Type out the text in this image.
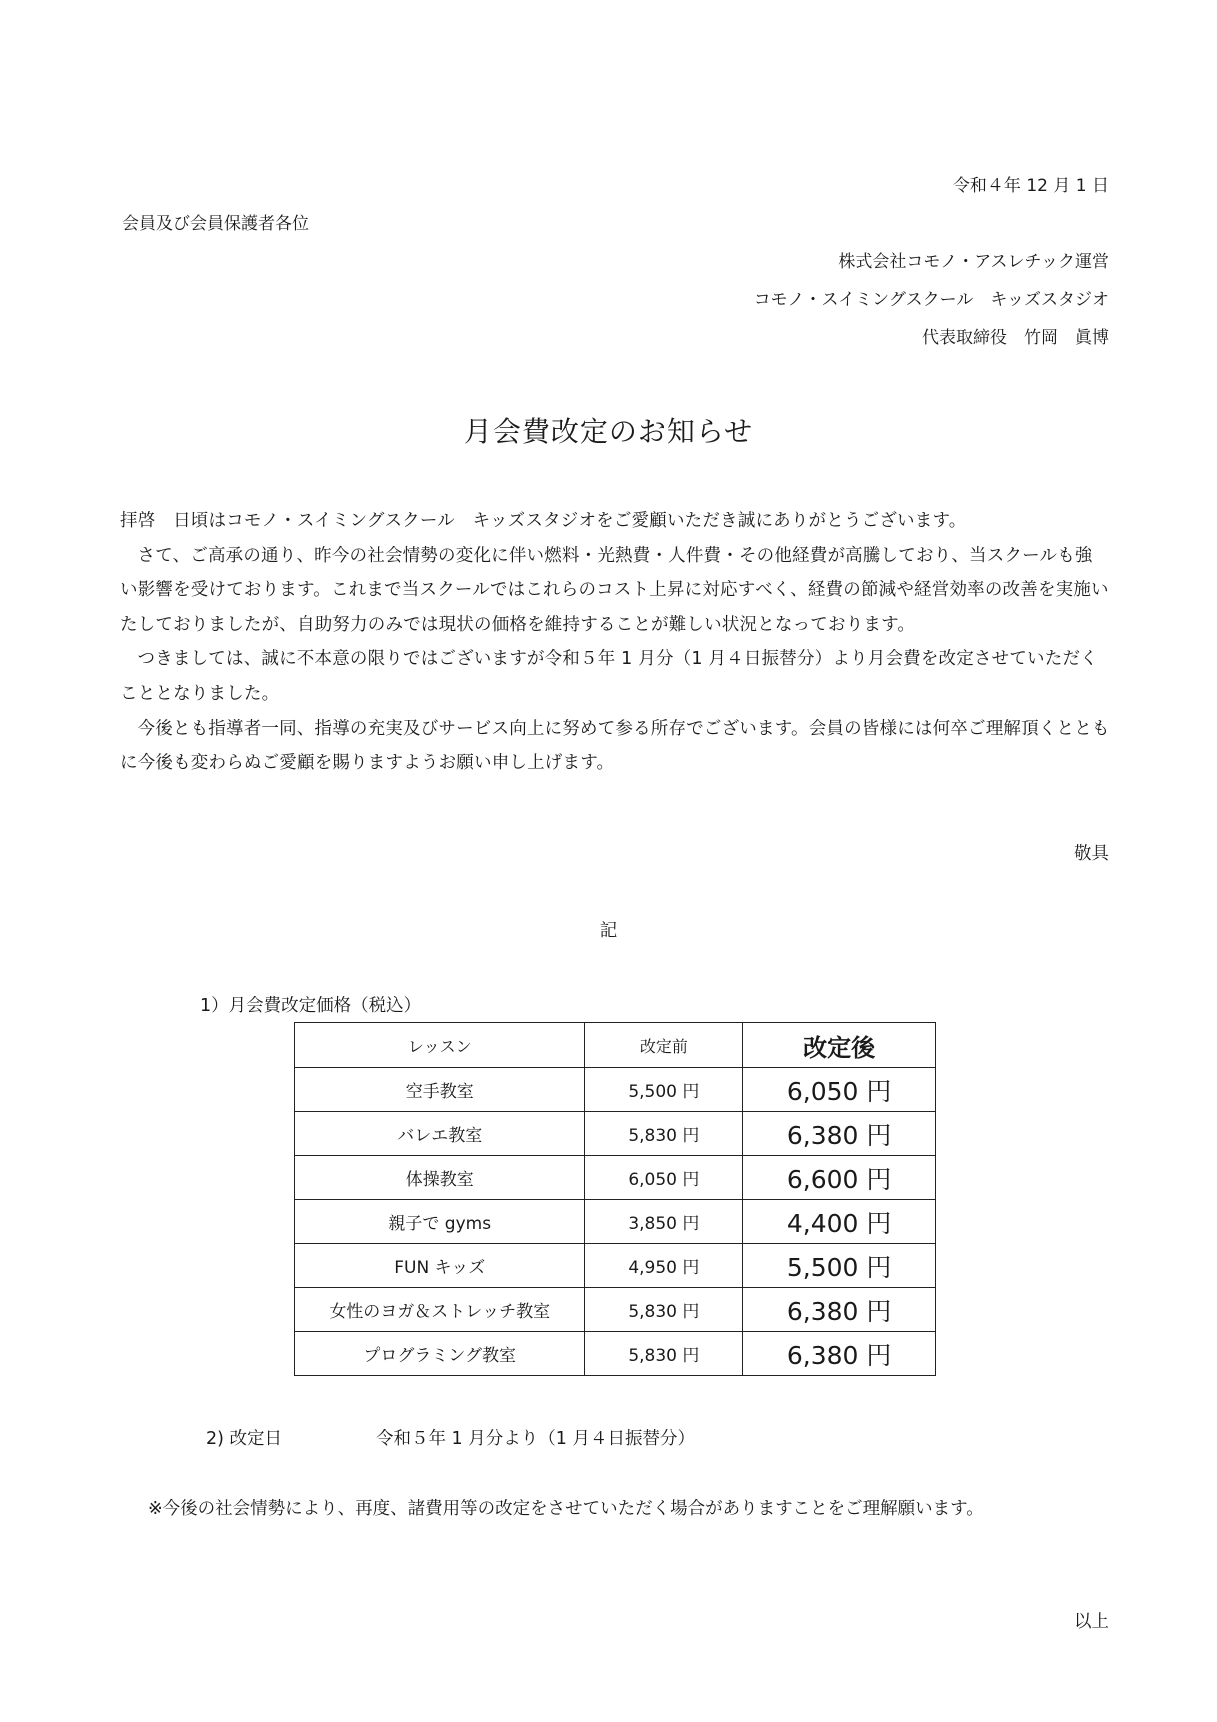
令和４年 12 月 1 日
会員及び会員保護者各位
株式会社コモノ・アスレチック運営
コモノ・スイミングスクール　キッズスタジオ
代表取締役　竹岡　眞博
月会費改定のお知らせ

拝啓　日頃はコモノ・スイミングスクール　キッズスタジオをご愛顧いただき誠にありがとうございます。

さて、ご高承の通り、昨今の社会情勢の変化に伴い燃料・光熱費・人件費・その他経費が高騰しており、当スクールも強い影響を受けております。これまで当スクールではこれらのコスト上昇に対応すべく、経費の節減や経営効率の改善を実施いたしておりましたが、自助努力のみでは現状の価格を維持することが難しい状況となっております。

つきましては、誠に不本意の限りではございますが令和５年 1 月分（1 月４日振替分）より月会費を改定させていただくこととなりました。

今後とも指導者一同、指導の充実及びサービス向上に努めて参る所存でございます。会員の皆様には何卒ご理解頂くとともに今後も変わらぬご愛顧を賜りますようお願い申し上げます。

敬具
記
1）月会費改定価格（税込）
レッスン	改定前	改定後
空手教室	5,500 円	6,050 円
バレエ教室	5,830 円	6,380 円
体操教室	6,050 円	6,600 円
親子で gyms	3,850 円	4,400 円
FUN キッズ	4,950 円	5,500 円
女性のヨガ＆ストレッチ教室	5,830 円	6,380 円
プログラミング教室	5,830 円	6,380 円
2) 改定日	令和５年 1 月分より（1 月４日振替分）
※今後の社会情勢により、再度、諸費用等の改定をさせていただく場合がありますことをご理解願います。
以上
